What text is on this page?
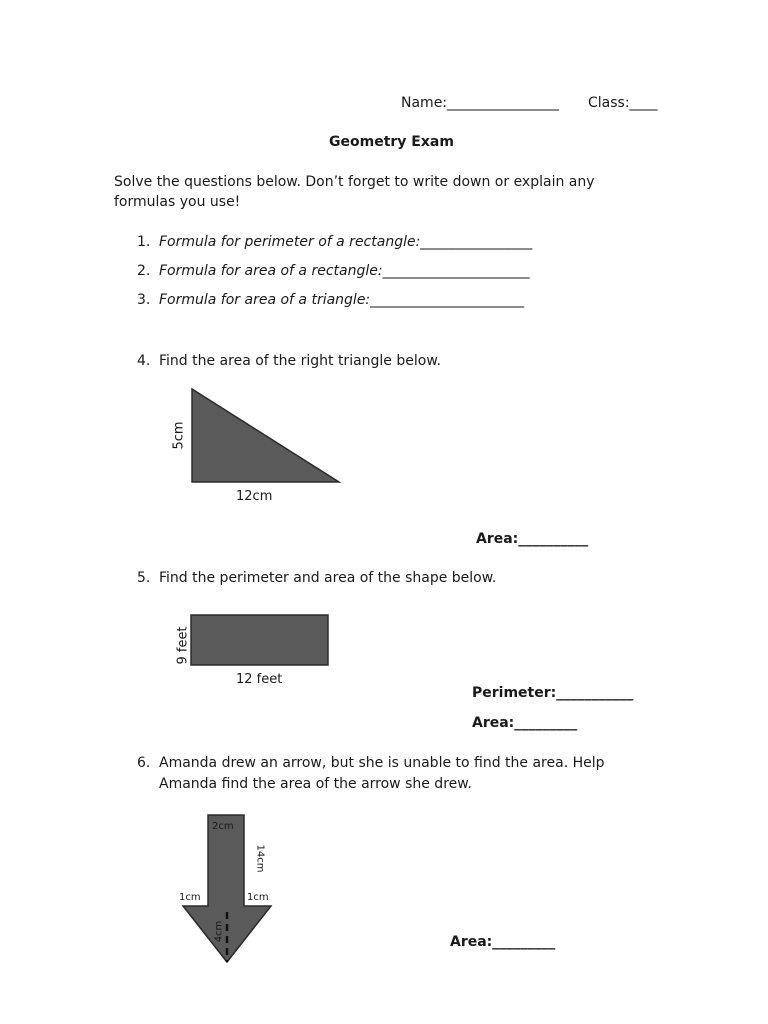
Name:________________ Class:____
Geometry Exam
Solve the questions below. Don’t forget to write down or explain any
formulas you use!
1. Formula for perimeter of a rectangle:________________
2. Formula for area of a rectangle:_____________________
3. Formula for area of a triangle:______________________
4. Find the area of the right triangle below.
5cm
12cm
Area:__________
5. Find the perimeter and area of the shape below.
9 feet
12 feet
Perimeter:___________
Area:_________
6. Amanda drew an arrow, but she is unable to find the area. Help
Amanda find the area of the arrow she drew.
2cm
14cm
1cm	1cm
4cm	Area:_________
